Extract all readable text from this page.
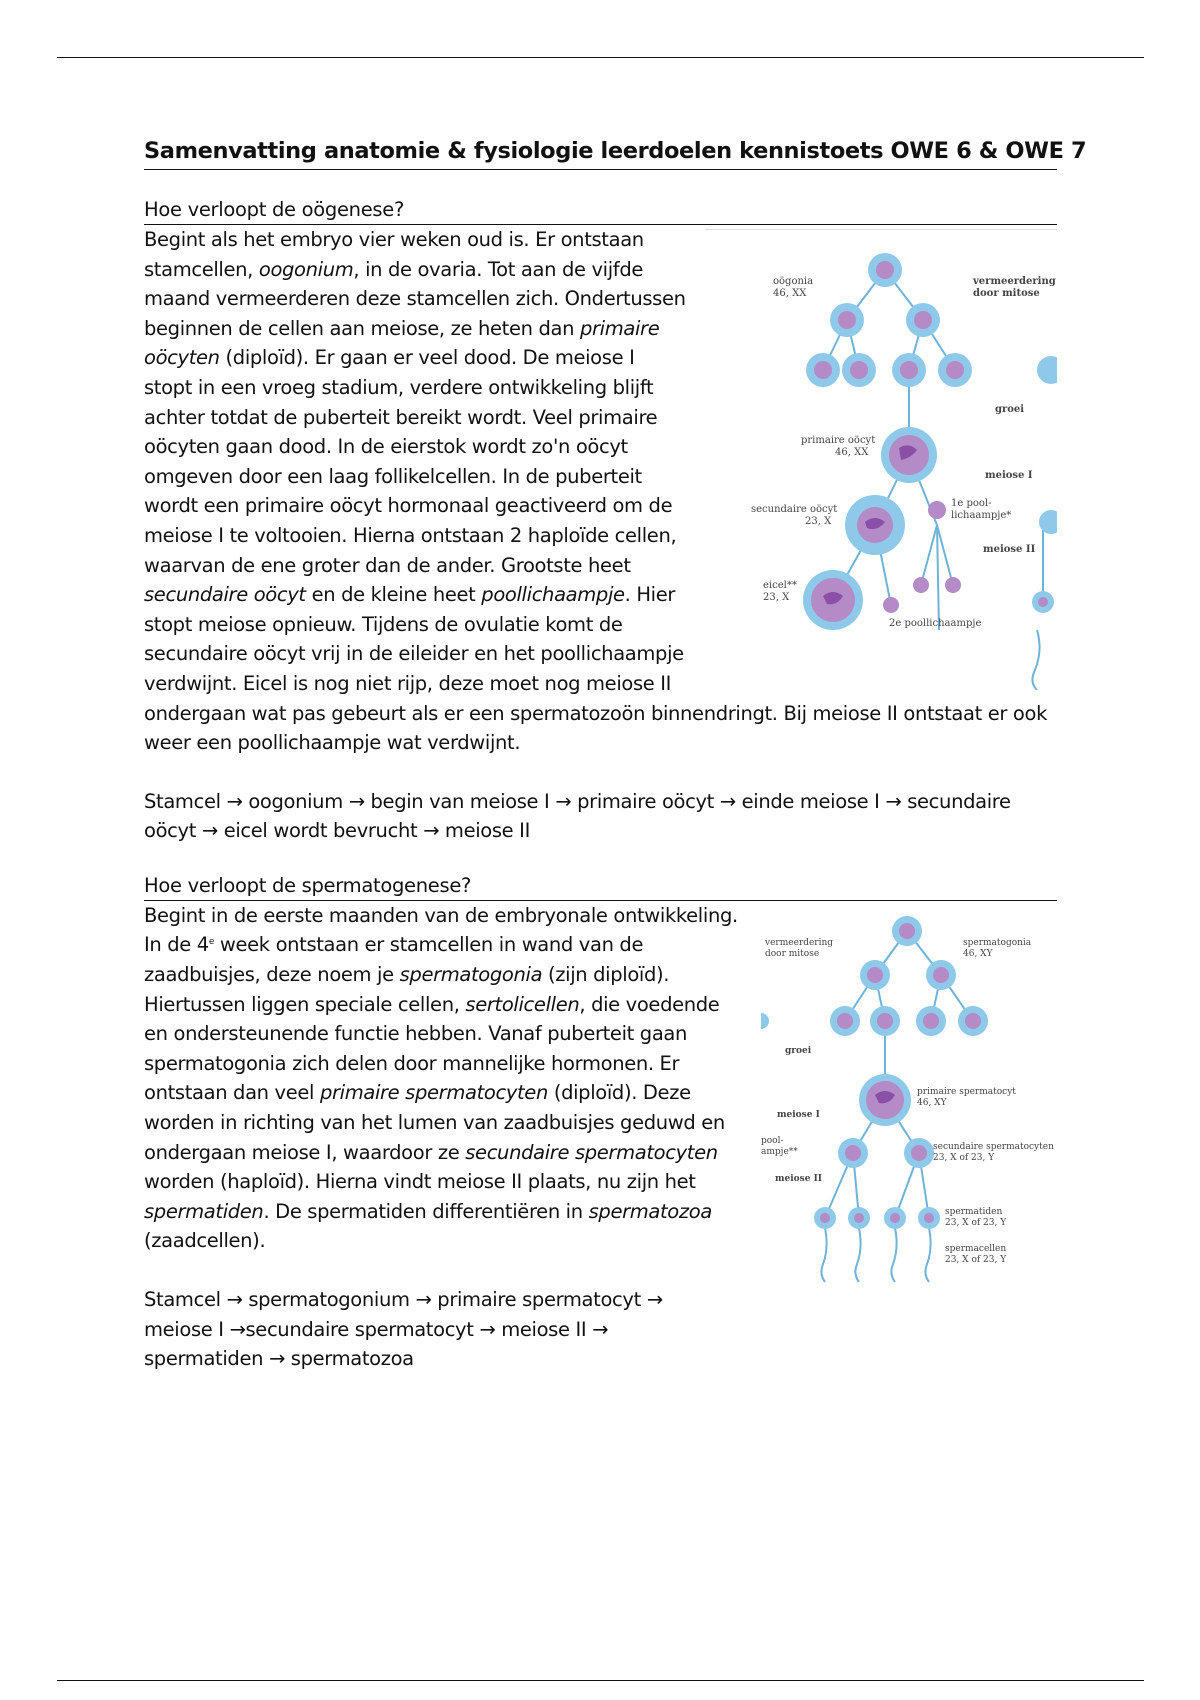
Samenvatting anatomie & fysiologie leerdoelen kennistoets OWE 6 & OWE 7
Hoe verloopt de oögenese?
oögonia
46, XX
vermeerdering
door mitose
groei
primaire oöcyt
46, XX
meiose I
secundaire oöcyt
23, X
1e pool-
lichaampje*
meiose II
eicel**
23, X
2e poollichaampje

Begint als het embryo vier weken oud is. Er ontstaan stamcellen, oogonium, in de ovaria. Tot aan de vijfde maand vermeerderen deze stamcellen zich. Ondertussen beginnen de cellen aan meiose, ze heten dan primaire oöcyten (diploïd). Er gaan er veel dood. De meiose I stopt in een vroeg stadium, verdere ontwikkeling blijft achter totdat de puberteit bereikt wordt. Veel primaire oöcyten gaan dood. In de eierstok wordt zo'n oöcyt omgeven door een laag follikelcellen. In de puberteit wordt een primaire oöcyt hormonaal geactiveerd om de meiose I te voltooien. Hierna ontstaan 2 haploïde cellen, waarvan de ene groter dan de ander. Grootste heet secundaire oöcyt en de kleine heet poollichaampje. Hier stopt meiose opnieuw. Tijdens de ovulatie komt de secundaire oöcyt vrij in de eileider en het poollichaampje verdwijnt. Eicel is nog niet rijp, deze moet nog meiose II ondergaan wat pas gebeurt als er een spermatozoön binnendringt. Bij meiose II ontstaat er ook weer een poollichaampje wat verdwijnt.

Stamcel → oogonium → begin van meiose I → primaire oöcyt → einde meiose I → secundaire oöcyt → eicel wordt bevrucht → meiose II

Hoe verloopt de spermatogenese?
vermeerdering
door mitose
spermatogonia
46, XY
groei
primaire spermatocyt
46, XY
meiose I
pool-
ampje**	secundaire spermatocyten
23, X of 23, Y
meiose II
spermatiden
23, X of 23, Y
spermacellen
23, X of 23, Y

Begint in de eerste maanden van de embryonale ontwikkeling. In de 4e week ontstaan er stamcellen in wand van de zaadbuisjes, deze noem je spermatogonia (zijn diploïd). Hiertussen liggen speciale cellen, sertolicellen, die voedende en ondersteunende functie hebben. Vanaf puberteit gaan spermatogonia zich delen door mannelijke hormonen. Er ontstaan dan veel primaire spermatocyten (diploïd). Deze worden in richting van het lumen van zaadbuisjes geduwd en ondergaan meiose I, waardoor ze secundaire spermatocyten worden (haploïd). Hierna vindt meiose II plaats, nu zijn het spermatiden. De spermatiden differentiëren in spermatozoa (zaadcellen).

Stamcel → spermatogonium → primaire spermatocyt → meiose I →secundaire spermatocyt → meiose II → spermatiden → spermatozoa
